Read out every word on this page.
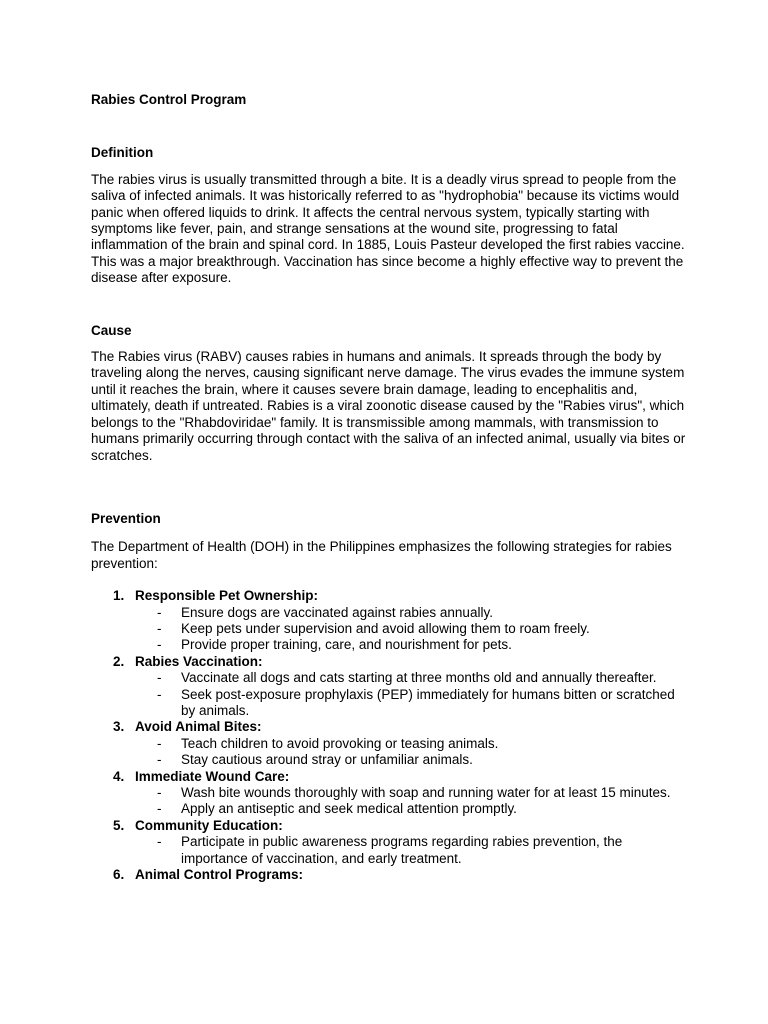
Rabies Control Program

Definition

The rabies virus is usually transmitted through a bite. It is a deadly virus spread to people from the saliva of infected animals. It was historically referred to as "hydrophobia" because its victims would panic when offered liquids to drink. It affects the central nervous system, typically starting with symptoms like fever, pain, and strange sensations at the wound site, progressing to fatal inflammation of the brain and spinal cord. In 1885, Louis Pasteur developed the first rabies vaccine. This was a major breakthrough. Vaccination has since become a highly effective way to prevent the disease after exposure.

Cause

The Rabies virus (RABV) causes rabies in humans and animals. It spreads through the body by traveling along the nerves, causing significant nerve damage. The virus evades the immune system until it reaches the brain, where it causes severe brain damage, leading to encephalitis and, ultimately, death if untreated. Rabies is a viral zoonotic disease caused by the "Rabies virus", which belongs to the "Rhabdoviridae" family. It is transmissible among mammals, with transmission to humans primarily occurring through contact with the saliva of an infected animal, usually via bites or scratches.

Prevention

The Department of Health (DOH) in the Philippines emphasizes the following strategies for rabies prevention:

1. Responsible Pet Ownership:
- Ensure dogs are vaccinated against rabies annually.
- Keep pets under supervision and avoid allowing them to roam freely.
- Provide proper training, care, and nourishment for pets.
2. Rabies Vaccination:
- Vaccinate all dogs and cats starting at three months old and annually thereafter.
- Seek post-exposure prophylaxis (PEP) immediately for humans bitten or scratched by animals.
3. Avoid Animal Bites:
- Teach children to avoid provoking or teasing animals.
- Stay cautious around stray or unfamiliar animals.
4. Immediate Wound Care:
- Wash bite wounds thoroughly with soap and running water for at least 15 minutes.
- Apply an antiseptic and seek medical attention promptly.
5. Community Education:
- Participate in public awareness programs regarding rabies prevention, the importance of vaccination, and early treatment.
6. Animal Control Programs:
